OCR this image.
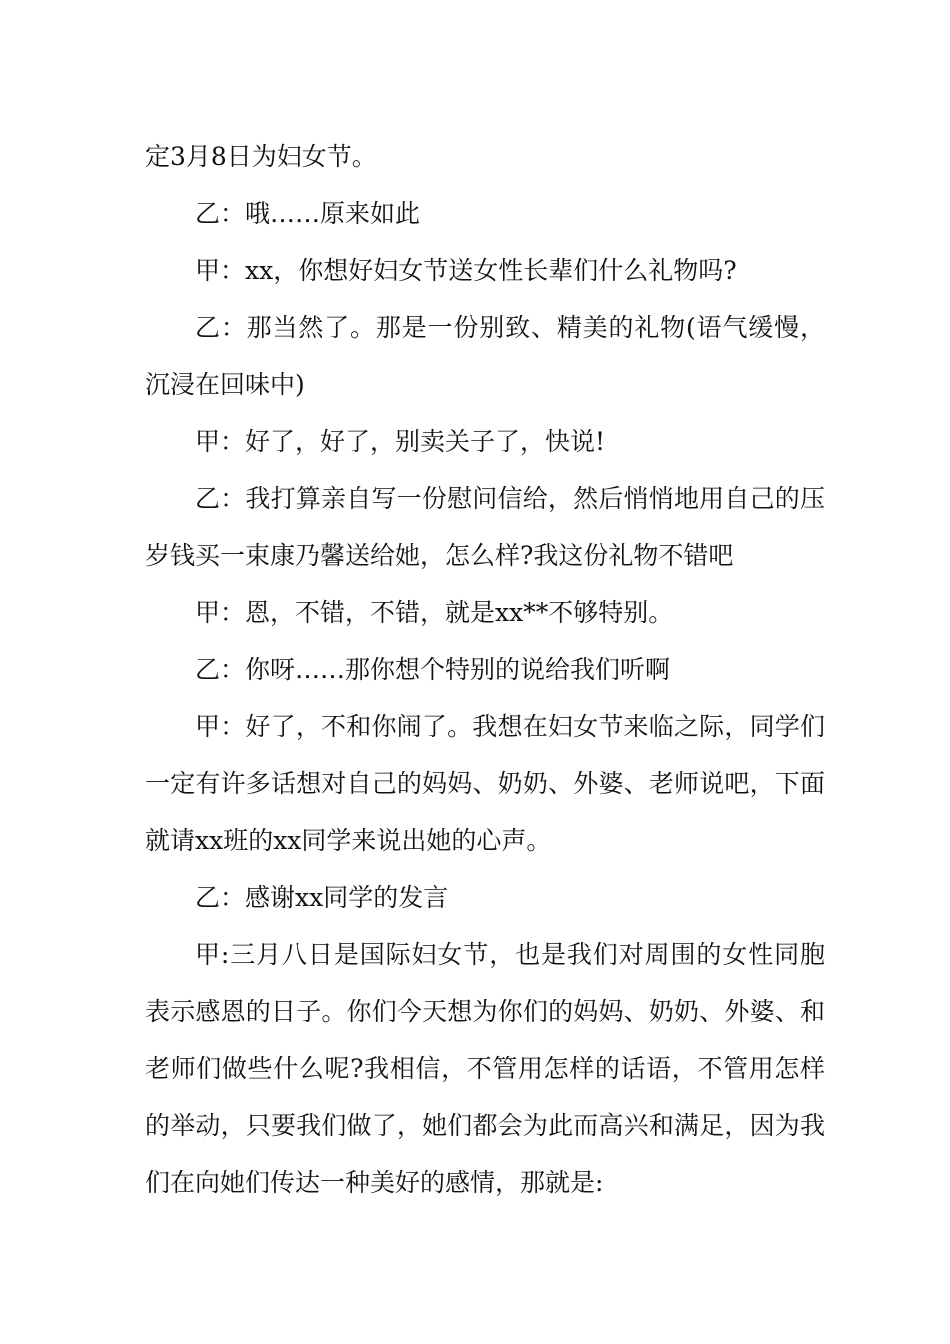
定3月8日为妇女节。

乙：哦……原来如此

甲：xx，你想好妇女节送女性长辈们什么礼物吗?

乙：那当然了。那是一份别致、精美的礼物(语气缓慢，沉浸在回味中)

甲：好了，好了，别卖关子了，快说!

乙：我打算亲自写一份慰问信给，然后悄悄地用自己的压岁钱买一束康乃馨送给她，怎么样?我这份礼物不错吧

甲：恩，不错，不错，就是xx**不够特别。

乙：你呀……那你想个特别的说给我们听啊

甲：好了，不和你闹了。我想在妇女节来临之际，同学们一定有许多话想对自己的妈妈、奶奶、外婆、老师说吧，下面就请xx班的xx同学来说出她的心声。

乙：感谢xx同学的发言

甲:三月八日是国际妇女节，也是我们对周围的女性同胞表示感恩的日子。你们今天想为你们的妈妈、奶奶、外婆、和老师们做些什么呢?我相信，不管用怎样的话语，不管用怎样的举动，只要我们做了，她们都会为此而高兴和满足，因为我们在向她们传达一种美好的感情，那就是:
